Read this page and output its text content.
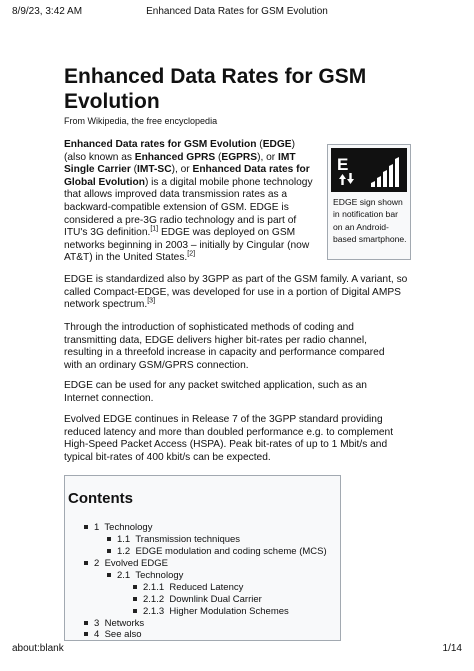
8/9/23, 3:42 AM	Enhanced Data Rates for GSM Evolution
Enhanced Data Rates for GSM Evolution
From Wikipedia, the free encyclopedia

Enhanced Data rates for GSM Evolution (EDGE) (also known as Enhanced GPRS (EGPRS), or IMT Single Carrier (IMT-SC), or Enhanced Data rates for Global Evolution) is a digital mobile phone technology that allows improved data transmission rates as a backward-compatible extension of GSM. EDGE is considered a pre-3G radio technology and is part of ITU's 3G definition.[1] EDGE was deployed on GSM networks beginning in 2003 – initially by Cingular (now AT&T) in the United States.[2]

E
EDGE sign shown in notification bar on an Android-based smartphone.

EDGE is standardized also by 3GPP as part of the GSM family. A variant, so called Compact-EDGE, was developed for use in a portion of Digital AMPS network spectrum.[3]

Through the introduction of sophisticated methods of coding and transmitting data, EDGE delivers higher bit-rates per radio channel, resulting in a threefold increase in capacity and performance compared with an ordinary GSM/GPRS connection.

EDGE can be used for any packet switched application, such as an Internet connection.

Evolved EDGE continues in Release 7 of the 3GPP standard providing reduced latency and more than doubled performance e.g. to complement High-Speed Packet Access (HSPA). Peak bit-rates of up to 1 Mbit/s and typical bit-rates of 400 kbit/s can be expected.

Contents
1 Technology
1.1 Transmission techniques
1.2 EDGE modulation and coding scheme (MCS)
2 Evolved EDGE
2.1 Technology
2.1.1 Reduced Latency
2.1.2 Downlink Dual Carrier
2.1.3 Higher Modulation Schemes
3 Networks
4 See also
about:blank	1/14
